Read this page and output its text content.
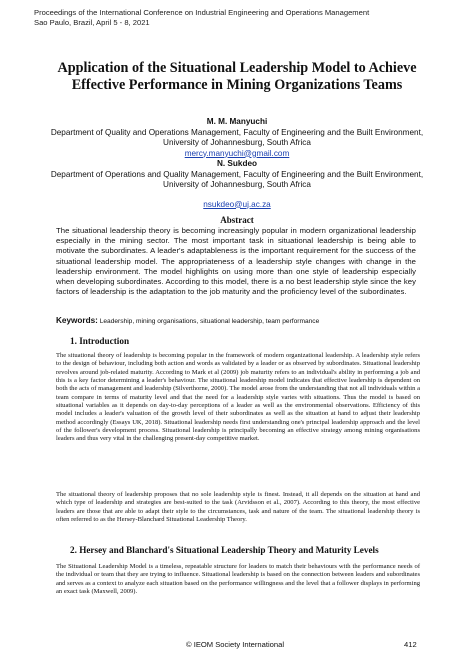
Proceedings of the International Conference on Industrial Engineering and Operations Management
Sao Paulo, Brazil, April 5 - 8, 2021
Application of the Situational Leadership Model to Achieve Effective Performance in Mining Organizations Teams
M. M. Manyuchi
Department of Quality and Operations Management, Faculty of Engineering and the Built Environment, University of Johannesburg, South Africa
mercy.manyuchi@gmail.com
N. Sukdeo
Department of Operations and Quality Management, Faculty of Engineering and the Built Environment, University of Johannesburg, South Africa

nsukdeo@uj.ac.za
Abstract
The situational leadership theory is becoming increasingly popular in modern organizational leadership especially in the mining sector. The most important task in situational leadership is being able to motivate the subordinates. A leader's adaptableness is the important requirement for the success of the situational leadership model. The appropriateness of a leadership style changes with change in the leadership environment. The model highlights on using more than one style of leadership especially when developing subordinates. According to this model, there is a no best leadership style since the key factors of leadership is the adaptation to the job maturity and the proficiency level of the subordinates.
Keywords: Leadership, mining organisations, situational leadership, team performance
1. Introduction
The situational theory of leadership is becoming popular in the framework of modern organizational leadership. A leadership style refers to the design of behaviour, including both action and words as validated by a leader or as observed by subordinates. Situational leadership revolves around job-related maturity. According to Mark et al (2009) job maturity refers to an individual's ability in performing a job and this is a key factor determining a leader's behaviour. The situational leadership model indicates that effective leadership is dependent on both the acts of management and leadership (Silverthorne, 2000). The model arose from the understanding that not all individuals within a team compare in terms of maturity level and that the need for a leadership style varies with situations. Thus the model is based on situational variables as it depends on day-to-day perceptions of a leader as well as the environmental observations. Efficiency of this model includes a leader's valuation of the growth level of their subordinates as well as the situation at hand to adjust their leadership method accordingly (Essays UK, 2018). Situational leadership needs first understanding one's principal leadership approach and the level of the follower's development process. Situational leadership is principally becoming an effective strategy among mining organisations leaders and thus very vital in the challenging present-day competitive market.
The situational theory of leadership proposes that no sole leadership style is finest. Instead, it all depends on the situation at hand and which type of leadership and strategies are best-suited to the task (Arvidsson et al., 2007). According to this theory, the most effective leaders are those that are able to adapt their style to the circumstances, task and nature of the team. The situational leadership theory is often referred to as the Hersey-Blanchard Situational Leadership Theory.
2. Hersey and Blanchard's Situational Leadership Theory and Maturity Levels
The Situational Leadership Model is a timeless, repeatable structure for leaders to match their behaviours with the performance needs of the individual or team that they are trying to influence. Situational leadership is based on the connection between leaders and subordinates and serves as a context to analyze each situation based on the performance willingness and the level that a follower displays in performing an exact task (Maxwell, 2009).
© IEOM Society International	412
